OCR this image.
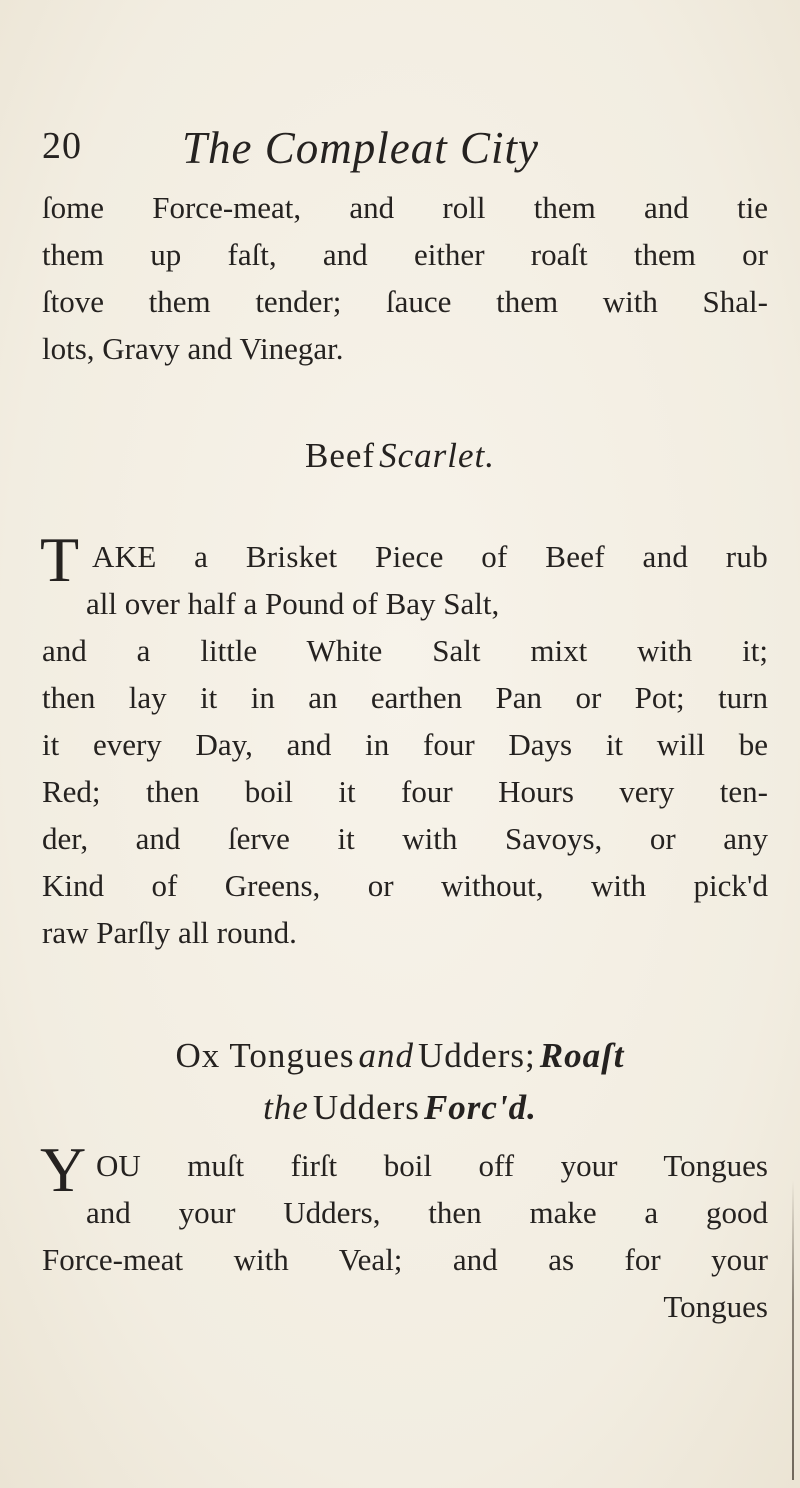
20 The Compleat City
ſome Force-meat, and roll them and tie
them up faſt, and either roaſt them or
ſtove them tender; ſauce them with Shal-
lots, Gravy and Vinegar.
Beef Scarlet.
T AKE a Brisket Piece of Beef and rub
all over half a Pound of Bay Salt,
and a little White Salt mixt with it;
then lay it in an earthen Pan or Pot; turn
it every Day, and in four Days it will be
Red; then boil it four Hours very ten-
der, and ſerve it with Savoys, or any
Kind of Greens, or without, with pick'd
raw Parſly all round.
Ox Tongues and Udders; Roaſt
the Udders Forc'd.
Y OU muſt firſt boil off your Tongues
and your Udders, then make a good
Force-meat with Veal; and as for your
Tongues
